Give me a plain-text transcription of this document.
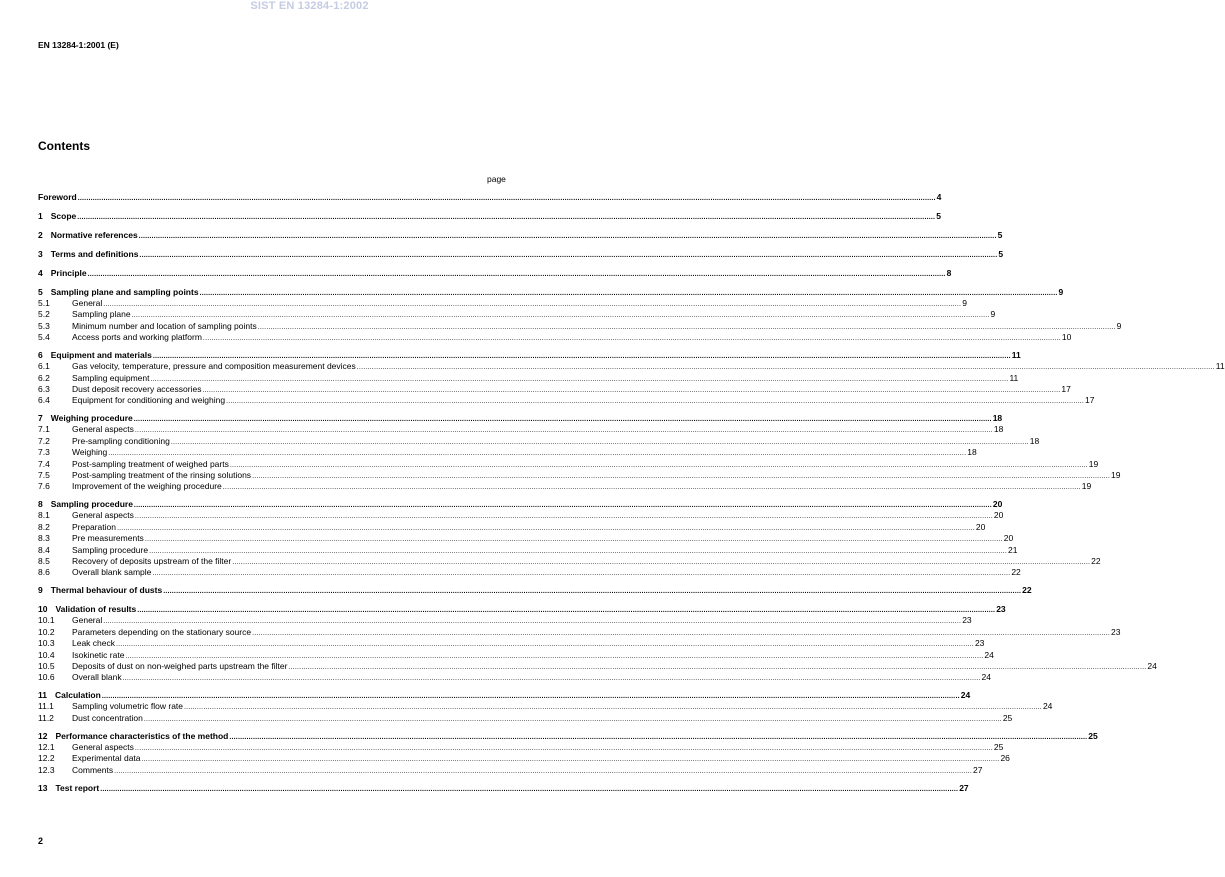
SIST EN 13284-1:2002
EN 13284-1:2001 (E)
Contents
page
Foreword ................................................................................................................................................................................................................................................................................................................................................................................................................ 4
1 Scope ................................................................................................................................................................................................................................................................................................................................................................................................................ 5
2 Normative references ................................................................................................................................................................................................................................................................................................................................................................................................................ 5
3 Terms and definitions ................................................................................................................................................................................................................................................................................................................................................................................................................ 5
4 Principle ................................................................................................................................................................................................................................................................................................................................................................................................................ 8
5 Sampling plane and sampling points ................................................................................................................................................................................................................................................................................................................................................................................................................ 9
5.1	General ................................................................................................................................................................................................................................................................................................................................................................................................................ 9
5.2	Sampling plane ................................................................................................................................................................................................................................................................................................................................................................................................................ 9
5.3	Minimum number and location of sampling points ................................................................................................................................................................................................................................................................................................................................................................................................................ 9
5.4	Access ports and working platform ................................................................................................................................................................................................................................................................................................................................................................................................................ 10
6 Equipment and materials ................................................................................................................................................................................................................................................................................................................................................................................................................ 11
6.1	Gas velocity, temperature, pressure and composition measurement devices ................................................................................................................................................................................................................................................................................................................................................................................................................ 11
6.2	Sampling equipment ................................................................................................................................................................................................................................................................................................................................................................................................................ 11
6.3	Dust deposit recovery accessories ................................................................................................................................................................................................................................................................................................................................................................................................................ 17
6.4	Equipment for conditioning and weighing ................................................................................................................................................................................................................................................................................................................................................................................................................ 17
7 Weighing procedure ................................................................................................................................................................................................................................................................................................................................................................................................................ 18
7.1	General aspects ................................................................................................................................................................................................................................................................................................................................................................................................................ 18
7.2	Pre-sampling conditioning ................................................................................................................................................................................................................................................................................................................................................................................................................ 18
7.3	Weighing ................................................................................................................................................................................................................................................................................................................................................................................................................ 18
7.4	Post-sampling treatment of weighed parts ................................................................................................................................................................................................................................................................................................................................................................................................................ 19
7.5	Post-sampling treatment of the rinsing solutions ................................................................................................................................................................................................................................................................................................................................................................................................................ 19
7.6	Improvement of the weighing procedure ................................................................................................................................................................................................................................................................................................................................................................................................................ 19
8 Sampling procedure ................................................................................................................................................................................................................................................................................................................................................................................................................ 20
8.1	General aspects ................................................................................................................................................................................................................................................................................................................................................................................................................ 20
8.2	Preparation ................................................................................................................................................................................................................................................................................................................................................................................................................ 20
8.3	Pre measurements ................................................................................................................................................................................................................................................................................................................................................................................................................ 20
8.4	Sampling procedure ................................................................................................................................................................................................................................................................................................................................................................................................................ 21
8.5	Recovery of deposits upstream of the filter ................................................................................................................................................................................................................................................................................................................................................................................................................ 22
8.6	Overall blank sample ................................................................................................................................................................................................................................................................................................................................................................................................................ 22
9 Thermal behaviour of dusts ................................................................................................................................................................................................................................................................................................................................................................................................................ 22
10 Validation of results ................................................................................................................................................................................................................................................................................................................................................................................................................ 23
10.1	General ................................................................................................................................................................................................................................................................................................................................................................................................................ 23
10.2	Parameters depending on the stationary source ................................................................................................................................................................................................................................................................................................................................................................................................................ 23
10.3	Leak check ................................................................................................................................................................................................................................................................................................................................................................................................................ 23
10.4	Isokinetic rate ................................................................................................................................................................................................................................................................................................................................................................................................................ 24
10.5	Deposits of dust on non-weighed parts upstream the filter ................................................................................................................................................................................................................................................................................................................................................................................................................ 24
10.6	Overall blank ................................................................................................................................................................................................................................................................................................................................................................................................................ 24
11 Calculation ................................................................................................................................................................................................................................................................................................................................................................................................................ 24
11.1	Sampling volumetric flow rate ................................................................................................................................................................................................................................................................................................................................................................................................................ 24
11.2	Dust concentration ................................................................................................................................................................................................................................................................................................................................................................................................................ 25
12 Performance characteristics of the method ................................................................................................................................................................................................................................................................................................................................................................................................................ 25
12.1	General aspects ................................................................................................................................................................................................................................................................................................................................................................................................................ 25
12.2	Experimental data ................................................................................................................................................................................................................................................................................................................................................................................................................ 26
12.3	Comments ................................................................................................................................................................................................................................................................................................................................................................................................................ 27
13 Test report ................................................................................................................................................................................................................................................................................................................................................................................................................ 27
2
